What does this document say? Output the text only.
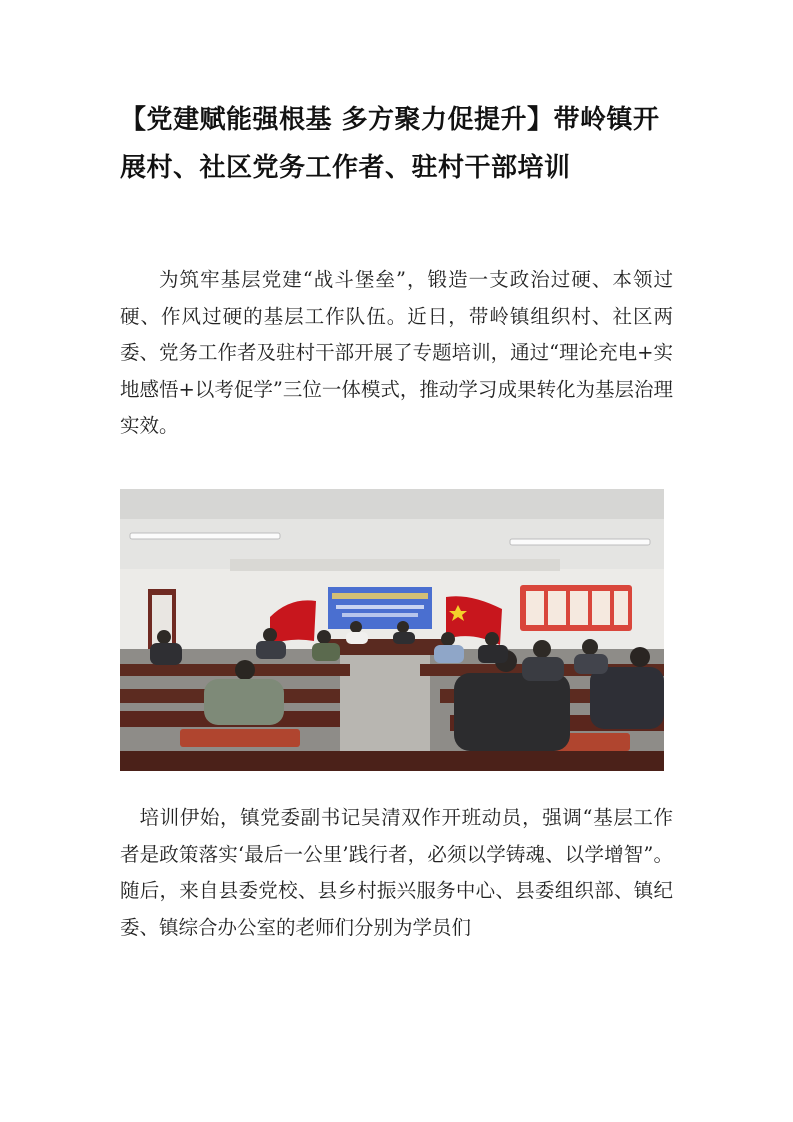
【党建赋能强根基 多方聚力促提升】带岭镇开展村、社区党务工作者、驻村干部培训

为筑牢基层党建“战斗堡垒”，锻造一支政治过硬、本领过硬、作风过硬的基层工作队伍。近日，带岭镇组织村、社区两委、党务工作者及驻村干部开展了专题培训，通过“理论充电+实地感悟+以考促学”三位一体模式，推动学习成果转化为基层治理实效。

培训伊始，镇党委副书记吴清双作开班动员，强调“基层工作者是政策落实‘最后一公里’践行者，必须以学铸魂、以学增智”。随后，来自县委党校、县乡村振兴服务中心、县委组织部、镇纪委、镇综合办公室的老师们分别为学员们
